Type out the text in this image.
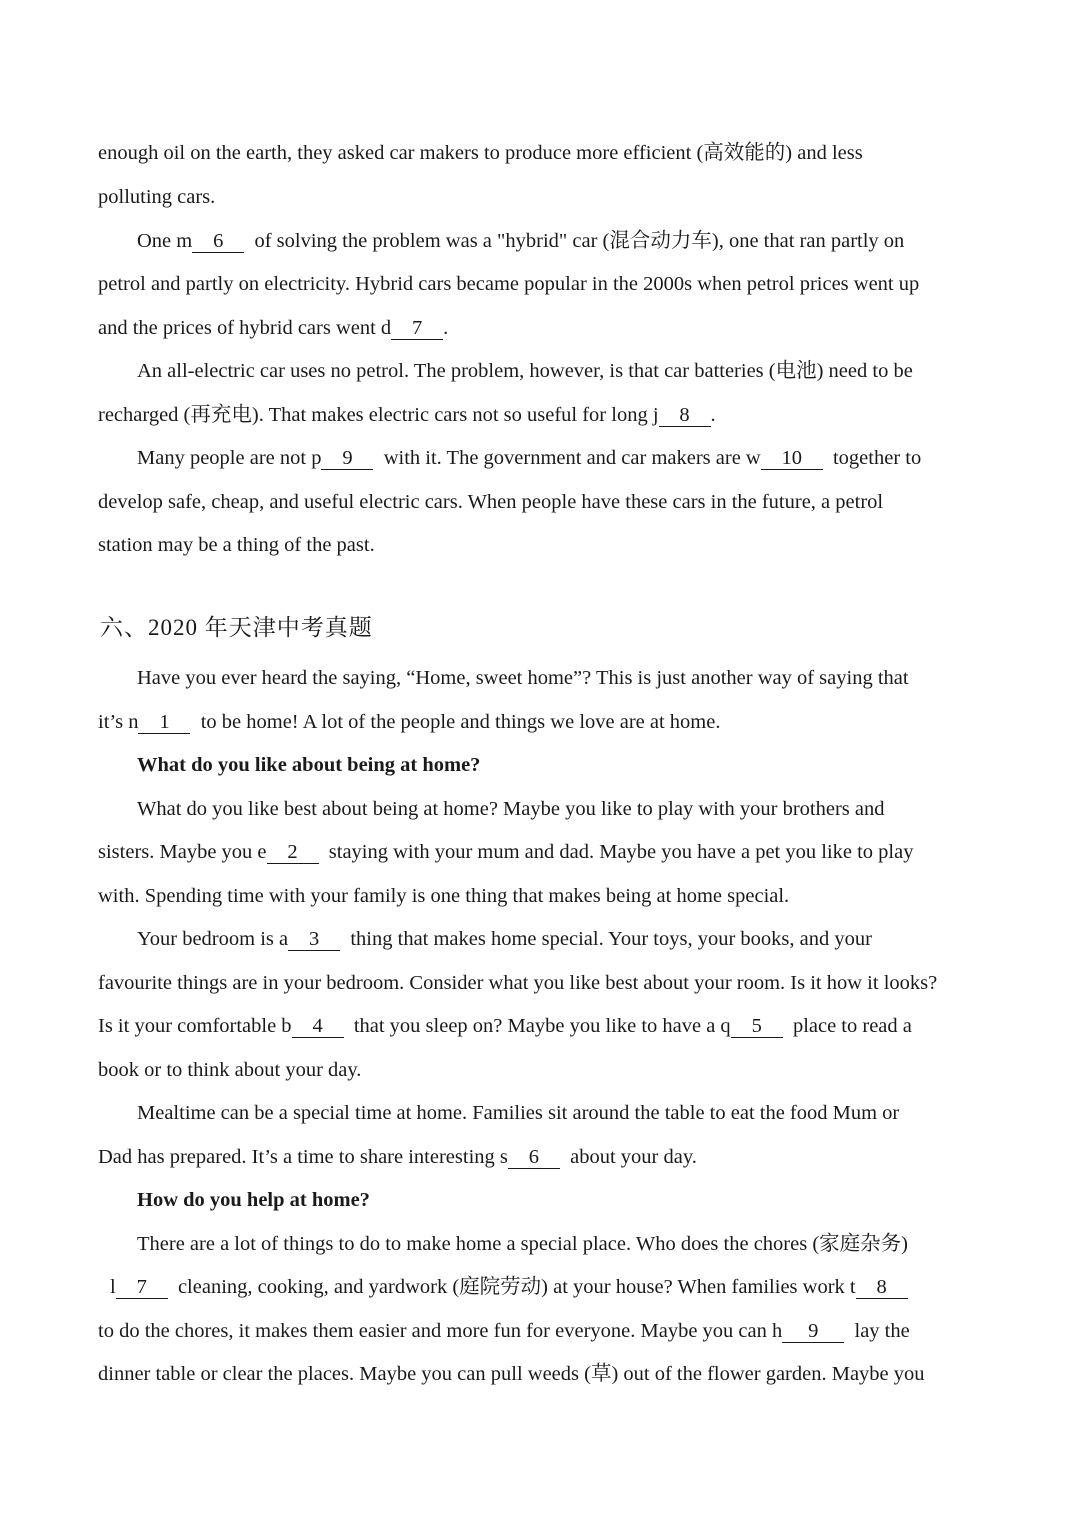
enough oil on the earth, they asked car makers to produce more efficient (高效能的) and less
polluting cars.
One m 6 of solving the problem was a "hybrid" car (混合动力车), one that ran partly on
petrol and partly on electricity. Hybrid cars became popular in the 2000s when petrol prices went up
and the prices of hybrid cars went d 7 .
An all-electric car uses no petrol. The problem, however, is that car batteries (电池) need to be
recharged (再充电). That makes electric cars not so useful for long j 8 .
Many people are not p 9 with it. The government and car makers are w 10 together to
develop safe, cheap, and useful electric cars. When people have these cars in the future, a petrol
station may be a thing of the past.
六、2020 年天津中考真题
Have you ever heard the saying, “Home, sweet home”? This is just another way of saying that
it’s n 1 to be home! A lot of the people and things we love are at home.
What do you like about being at home?
What do you like best about being at home? Maybe you like to play with your brothers and
sisters. Maybe you e 2 staying with your mum and dad. Maybe you have a pet you like to play
with. Spending time with your family is one thing that makes being at home special.
Your bedroom is a 3 thing that makes home special. Your toys, your books, and your
favourite things are in your bedroom. Consider what you like best about your room. Is it how it looks?
Is it your comfortable b 4 that you sleep on? Maybe you like to have a q 5 place to read a
book or to think about your day.
Mealtime can be a special time at home. Families sit around the table to eat the food Mum or
Dad has prepared. It’s a time to share interesting s 6 about your day.
How do you help at home?
There are a lot of things to do to make home a special place. Who does the chores (家庭杂务)
l 7 cleaning, cooking, and yardwork (庭院劳动) at your house? When families work t 8
to do the chores, it makes them easier and more fun for everyone. Maybe you can h 9 lay the
dinner table or clear the places. Maybe you can pull weeds (草) out of the flower garden. Maybe you
